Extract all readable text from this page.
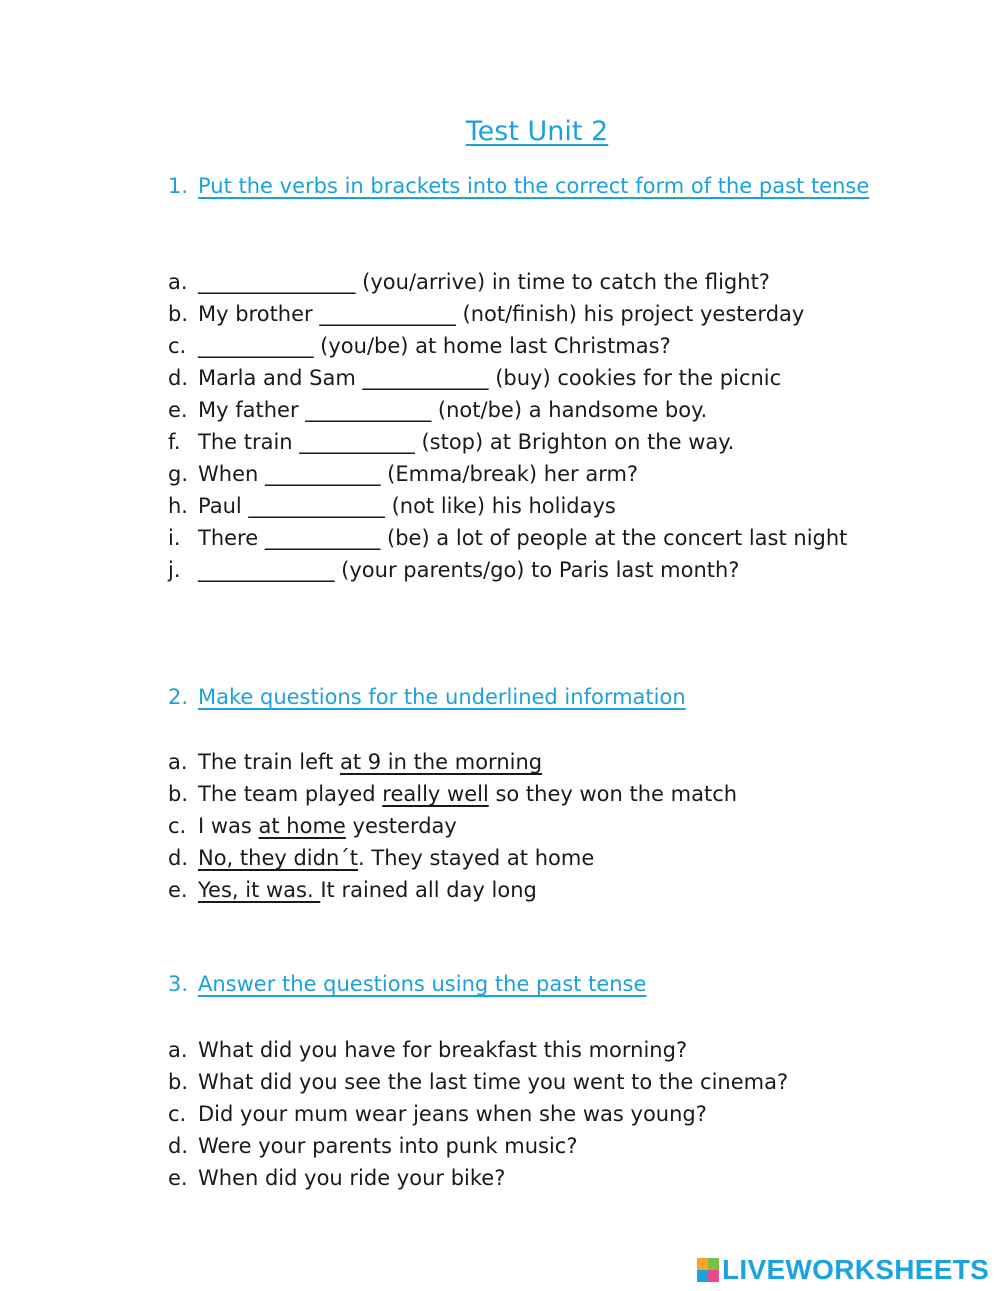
Test Unit 2
1. Put the verbs in brackets into the correct form of the past tense
a. _______________ (you/arrive) in time to catch the flight?
b. My brother _____________ (not/finish) his project yesterday
c. ___________ (you/be) at home last Christmas?
d. Marla and Sam ____________ (buy) cookies for the picnic
e. My father ____________ (not/be) a handsome boy.
f. The train ___________ (stop) at Brighton on the way.
g. When ___________ (Emma/break) her arm?
h. Paul _____________ (not like) his holidays
i. There ___________ (be) a lot of people at the concert last night
j. _____________ (your parents/go) to Paris last month?
2. Make questions for the underlined information
a. The train left at 9 in the morning
b. The team played really well so they won the match
c. I was at home yesterday
d. No, they didn´t. They stayed at home
e. Yes, it was. It rained all day long
3. Answer the questions using the past tense
a. What did you have for breakfast this morning?
b. What did you see the last time you went to the cinema?
c. Did your mum wear jeans when she was young?
d. Were your parents into punk music?
e. When did you ride your bike?
LIVEWORKSHEETS
